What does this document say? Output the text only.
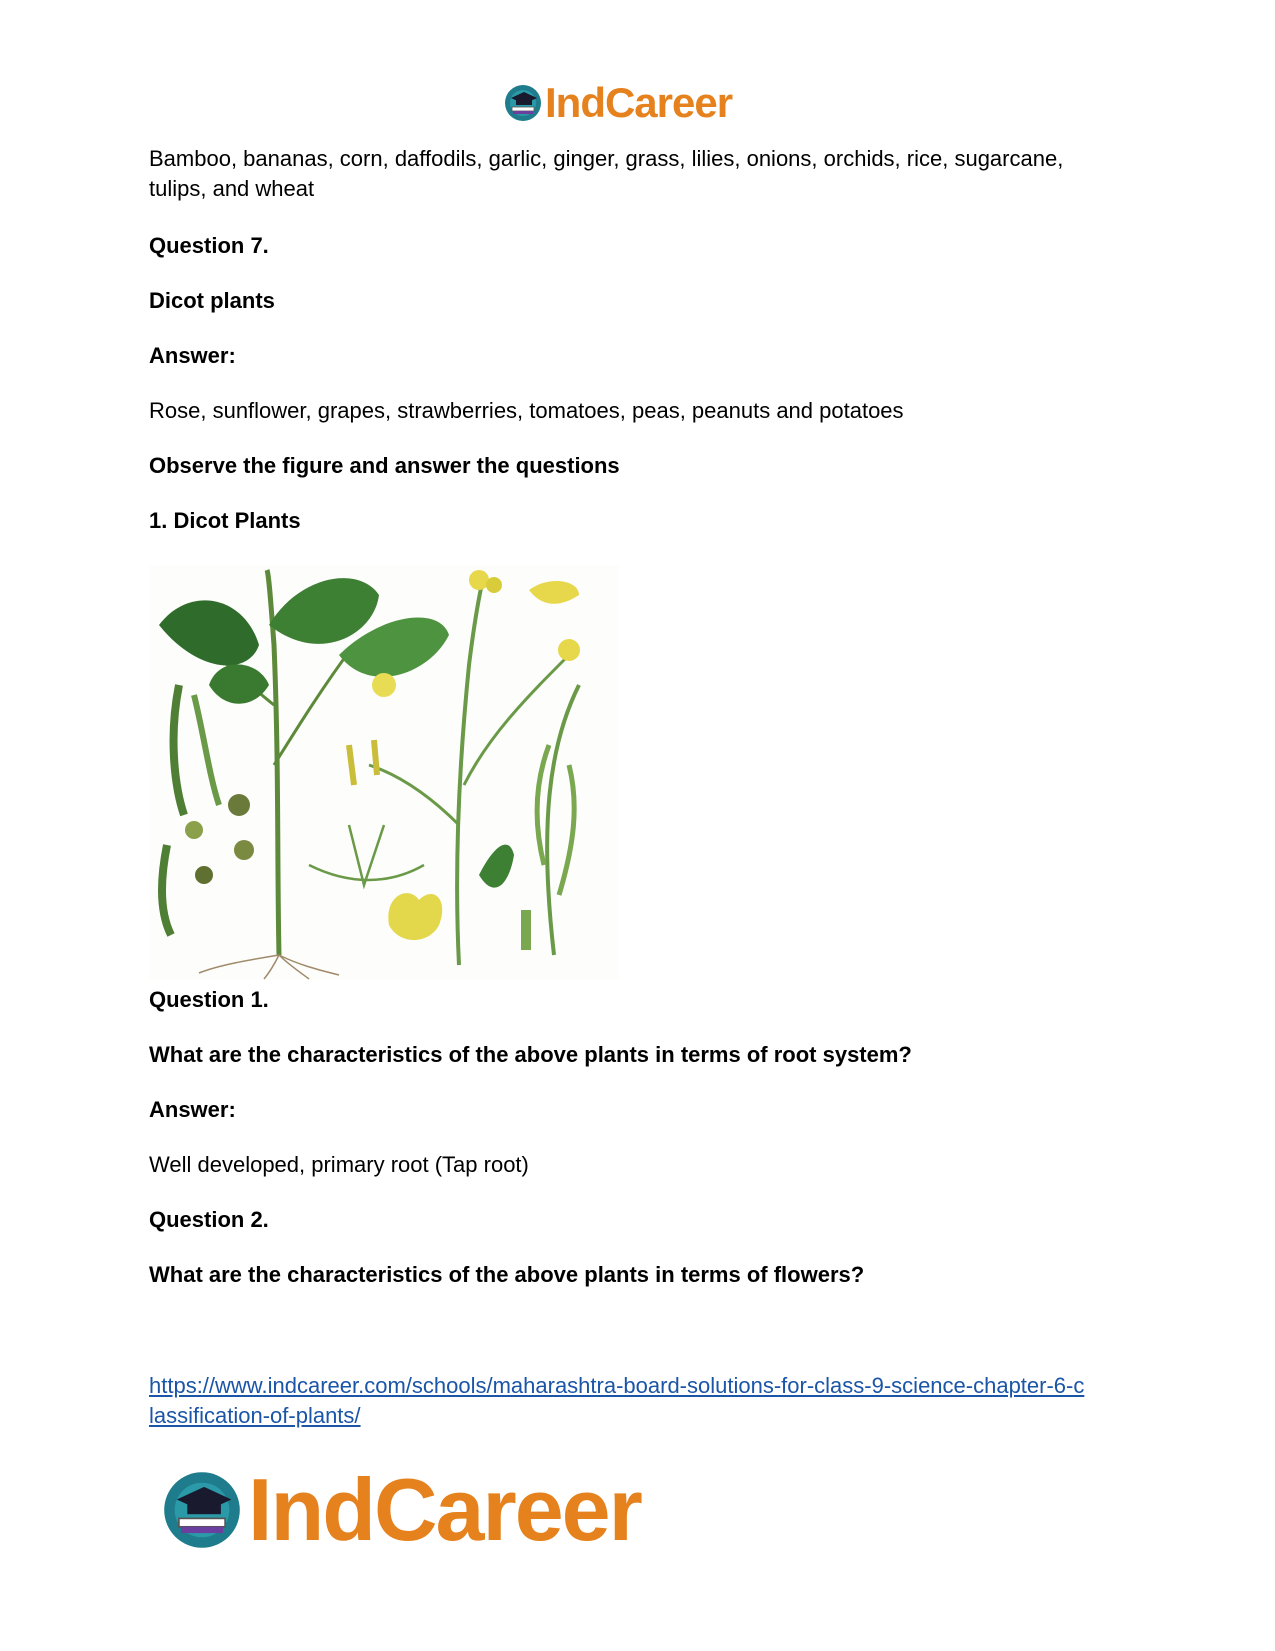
IndCareer
Bamboo, bananas, corn, daffodils, garlic, ginger, grass, lilies, onions, orchids, rice, sugarcane,
tulips, and wheat
Question 7.
Dicot plants
Answer:
Rose, sunflower, grapes, strawberries, tomatoes, peas, peanuts and potatoes
Observe the figure and answer the questions
1. Dicot Plants
Question 1.
What are the characteristics of the above plants in terms of root system?
Answer:
Well developed, primary root (Tap root)
Question 2.
What are the characteristics of the above plants in terms of flowers?
https://www.indcareer.com/schools/maharashtra-board-solutions-for-class-9-science-chapter-6-c
lassification-of-plants/
IndCareer
